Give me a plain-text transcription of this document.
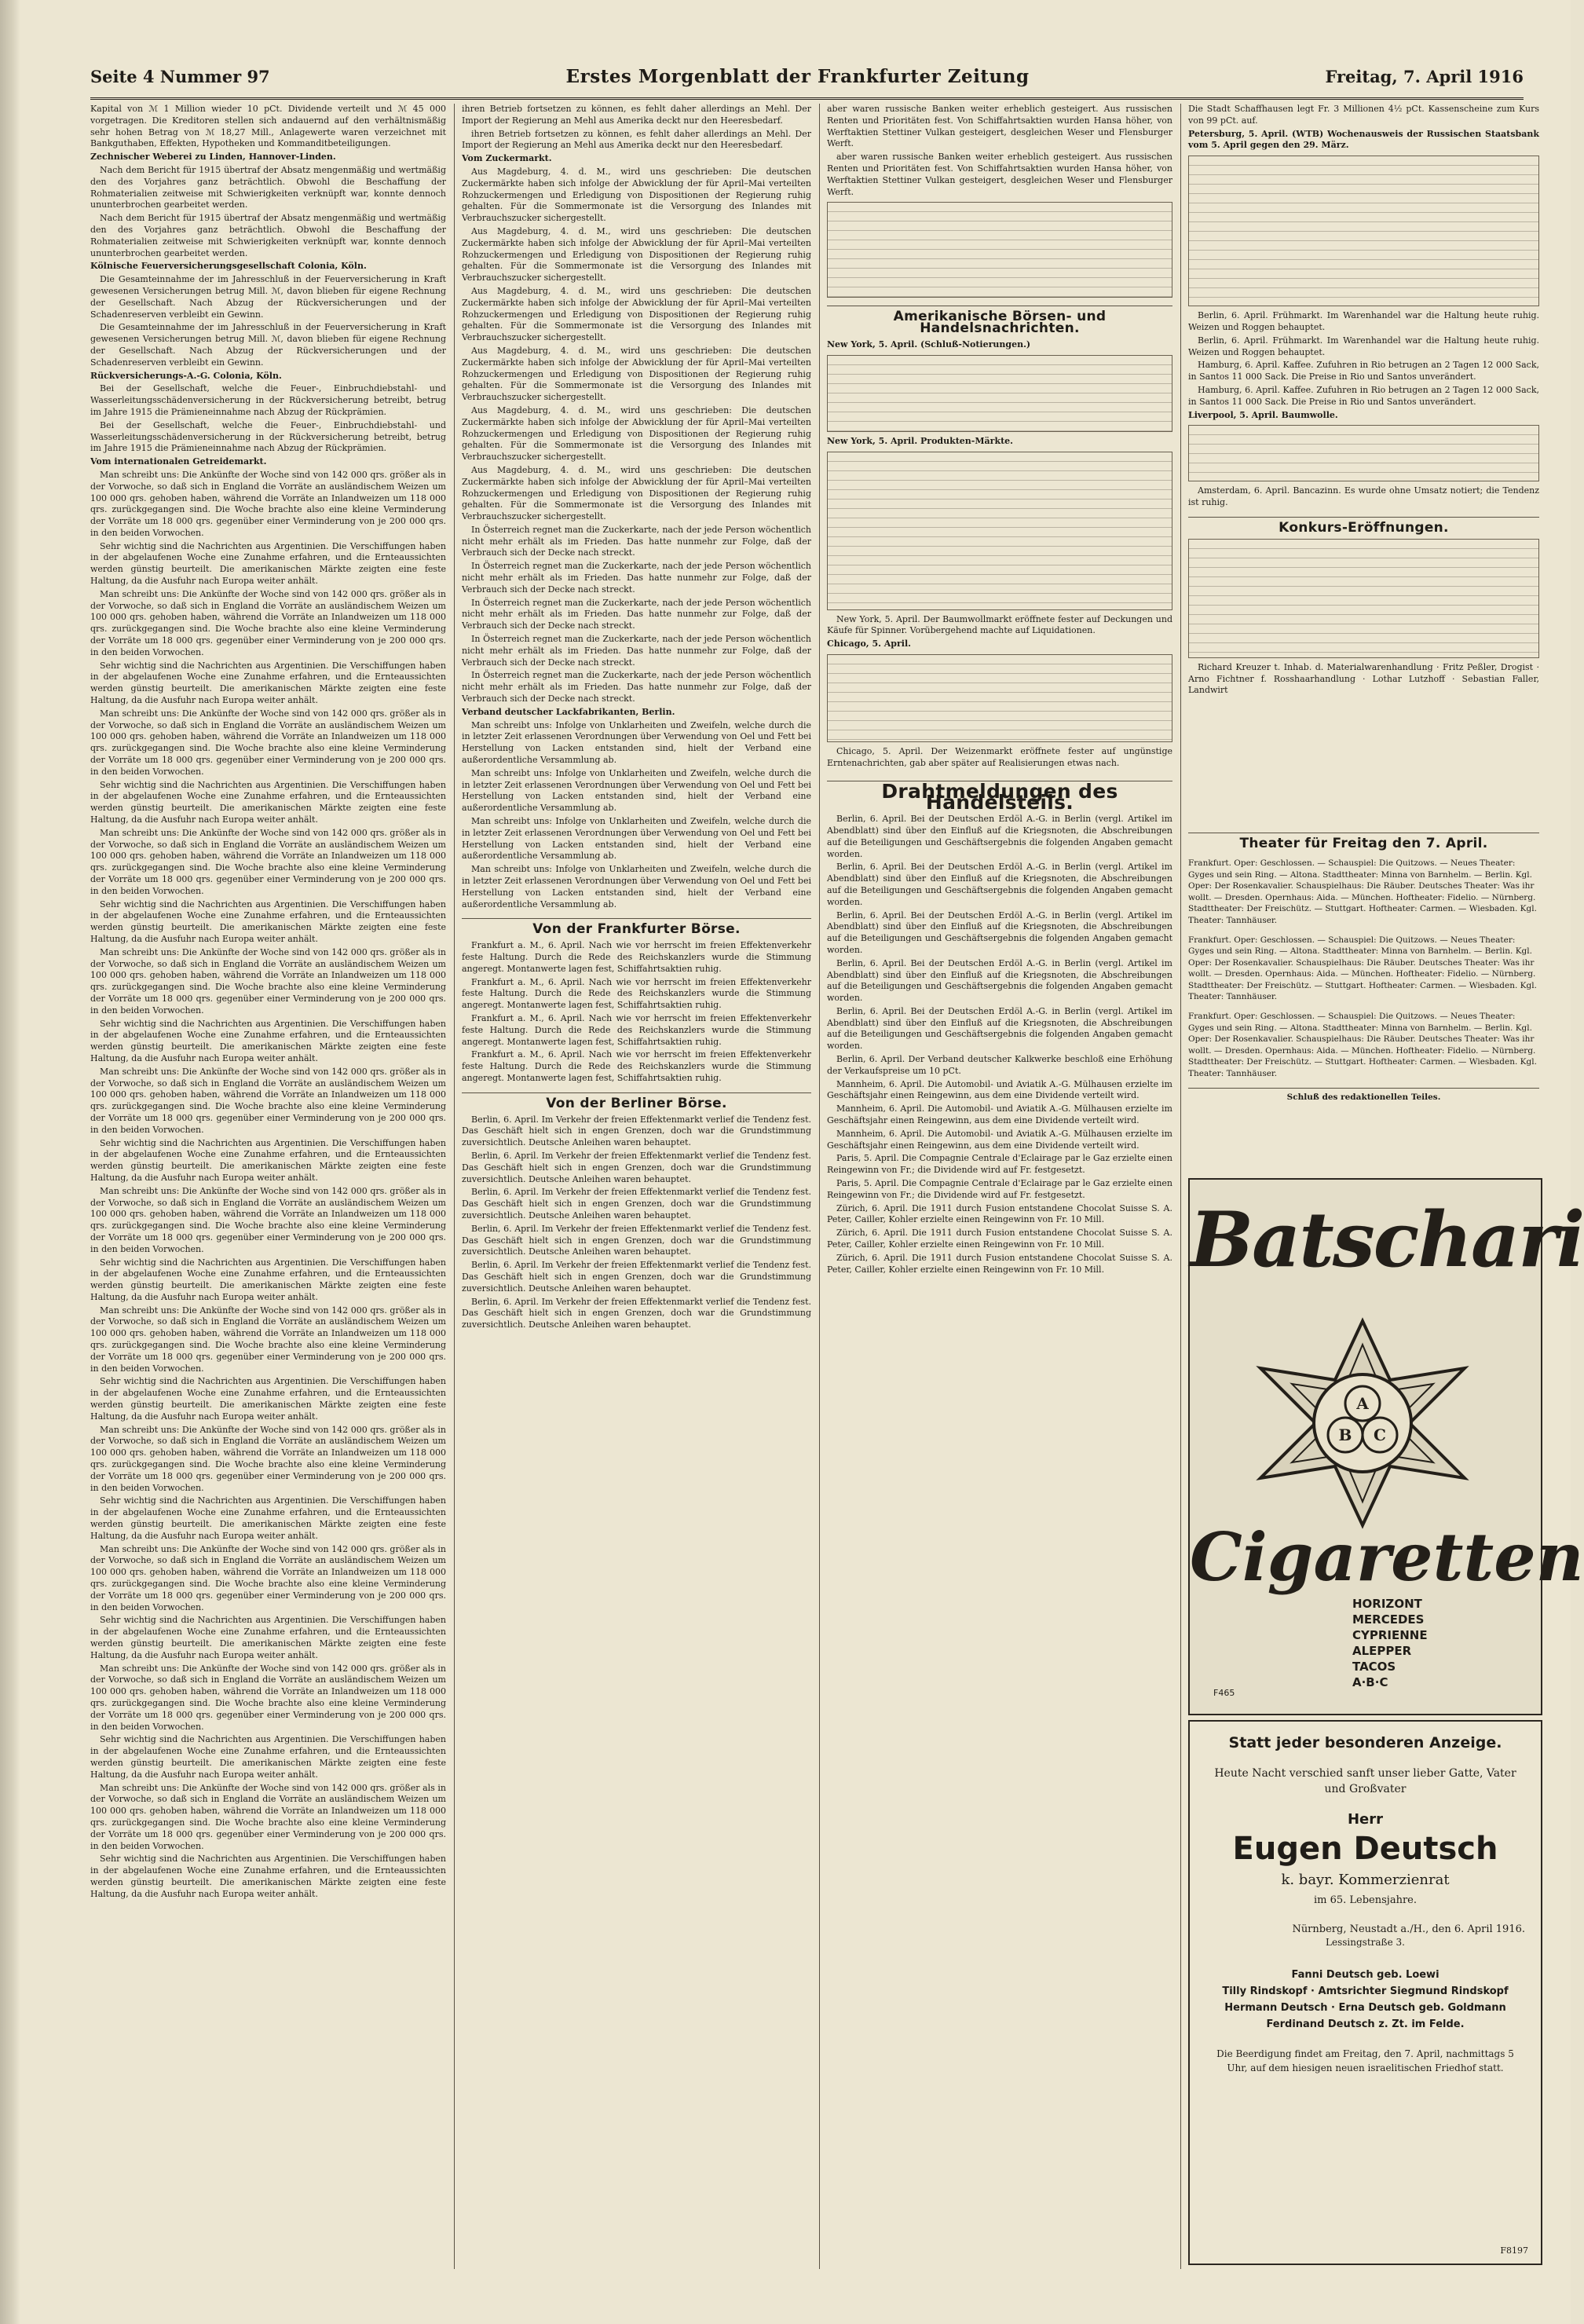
Seite 4 Nummer 97	Erstes Morgenblatt der Frankfurter Zeitung	Freitag, 7. April 1916

Kapital von ℳ 1 Million wieder 10 pCt. Dividende verteilt und ℳ 45 000 vorgetragen. Die Kreditoren stellen sich andauernd auf den verhältnismäßig sehr hohen Betrag von ℳ 18,27 Mill., Anlagewerte waren verzeichnet mit Bankguthaben, Effekten, Hypotheken und Kommanditbeteiligungen.

Zechnischer Weberei zu Linden, Hannover-Linden.

Nach dem Bericht für 1915 übertraf der Absatz mengenmäßig und wertmäßig den des Vorjahres ganz beträchtlich. Obwohl die Beschaffung der Rohmaterialien zeitweise mit Schwierigkeiten verknüpft war, konnte dennoch ununterbrochen gearbeitet werden.

Nach dem Bericht für 1915 übertraf der Absatz mengenmäßig und wertmäßig den des Vorjahres ganz beträchtlich. Obwohl die Beschaffung der Rohmaterialien zeitweise mit Schwierigkeiten verknüpft war, konnte dennoch ununterbrochen gearbeitet werden.

Kölnische Feuerversicherungsgesellschaft Colonia, Köln.

Die Gesamteinnahme der im Jahresschluß in der Feuerversicherung in Kraft gewesenen Versicherungen betrug Mill. ℳ, davon blieben für eigene Rechnung der Gesellschaft. Nach Abzug der Rückversicherungen und der Schadenreserven verbleibt ein Gewinn.

Die Gesamteinnahme der im Jahresschluß in der Feuerversicherung in Kraft gewesenen Versicherungen betrug Mill. ℳ, davon blieben für eigene Rechnung der Gesellschaft. Nach Abzug der Rückversicherungen und der Schadenreserven verbleibt ein Gewinn.

Rückversicherungs-A.-G. Colonia, Köln.

Bei der Gesellschaft, welche die Feuer-, Einbruchdiebstahl- und Wasserleitungsschädenversicherung in der Rückversicherung betreibt, betrug im Jahre 1915 die Prämieneinnahme nach Abzug der Rückprämien.

Bei der Gesellschaft, welche die Feuer-, Einbruchdiebstahl- und Wasserleitungsschädenversicherung in der Rückversicherung betreibt, betrug im Jahre 1915 die Prämieneinnahme nach Abzug der Rückprämien.

Vom internationalen Getreidemarkt.

Man schreibt uns: Die Ankünfte der Woche sind von 142 000 qrs. größer als in der Vorwoche, so daß sich in England die Vorräte an ausländischem Weizen um 100 000 qrs. gehoben haben, während die Vorräte an Inlandweizen um 118 000 qrs. zurückgegangen sind. Die Woche brachte also eine kleine Verminderung der Vorräte um 18 000 qrs. gegenüber einer Verminderung von je 200 000 qrs. in den beiden Vorwochen.

Sehr wichtig sind die Nachrichten aus Argentinien. Die Verschiffungen haben in der abgelaufenen Woche eine Zunahme erfahren, und die Ernteaussichten werden günstig beurteilt. Die amerikanischen Märkte zeigten eine feste Haltung, da die Ausfuhr nach Europa weiter anhält.

Man schreibt uns: Die Ankünfte der Woche sind von 142 000 qrs. größer als in der Vorwoche, so daß sich in England die Vorräte an ausländischem Weizen um 100 000 qrs. gehoben haben, während die Vorräte an Inlandweizen um 118 000 qrs. zurückgegangen sind. Die Woche brachte also eine kleine Verminderung der Vorräte um 18 000 qrs. gegenüber einer Verminderung von je 200 000 qrs. in den beiden Vorwochen.

Sehr wichtig sind die Nachrichten aus Argentinien. Die Verschiffungen haben in der abgelaufenen Woche eine Zunahme erfahren, und die Ernteaussichten werden günstig beurteilt. Die amerikanischen Märkte zeigten eine feste Haltung, da die Ausfuhr nach Europa weiter anhält.

Man schreibt uns: Die Ankünfte der Woche sind von 142 000 qrs. größer als in der Vorwoche, so daß sich in England die Vorräte an ausländischem Weizen um 100 000 qrs. gehoben haben, während die Vorräte an Inlandweizen um 118 000 qrs. zurückgegangen sind. Die Woche brachte also eine kleine Verminderung der Vorräte um 18 000 qrs. gegenüber einer Verminderung von je 200 000 qrs. in den beiden Vorwochen.

Sehr wichtig sind die Nachrichten aus Argentinien. Die Verschiffungen haben in der abgelaufenen Woche eine Zunahme erfahren, und die Ernteaussichten werden günstig beurteilt. Die amerikanischen Märkte zeigten eine feste Haltung, da die Ausfuhr nach Europa weiter anhält.

Man schreibt uns: Die Ankünfte der Woche sind von 142 000 qrs. größer als in der Vorwoche, so daß sich in England die Vorräte an ausländischem Weizen um 100 000 qrs. gehoben haben, während die Vorräte an Inlandweizen um 118 000 qrs. zurückgegangen sind. Die Woche brachte also eine kleine Verminderung der Vorräte um 18 000 qrs. gegenüber einer Verminderung von je 200 000 qrs. in den beiden Vorwochen.

Sehr wichtig sind die Nachrichten aus Argentinien. Die Verschiffungen haben in der abgelaufenen Woche eine Zunahme erfahren, und die Ernteaussichten werden günstig beurteilt. Die amerikanischen Märkte zeigten eine feste Haltung, da die Ausfuhr nach Europa weiter anhält.

Man schreibt uns: Die Ankünfte der Woche sind von 142 000 qrs. größer als in der Vorwoche, so daß sich in England die Vorräte an ausländischem Weizen um 100 000 qrs. gehoben haben, während die Vorräte an Inlandweizen um 118 000 qrs. zurückgegangen sind. Die Woche brachte also eine kleine Verminderung der Vorräte um 18 000 qrs. gegenüber einer Verminderung von je 200 000 qrs. in den beiden Vorwochen.

Sehr wichtig sind die Nachrichten aus Argentinien. Die Verschiffungen haben in der abgelaufenen Woche eine Zunahme erfahren, und die Ernteaussichten werden günstig beurteilt. Die amerikanischen Märkte zeigten eine feste Haltung, da die Ausfuhr nach Europa weiter anhält.

Man schreibt uns: Die Ankünfte der Woche sind von 142 000 qrs. größer als in der Vorwoche, so daß sich in England die Vorräte an ausländischem Weizen um 100 000 qrs. gehoben haben, während die Vorräte an Inlandweizen um 118 000 qrs. zurückgegangen sind. Die Woche brachte also eine kleine Verminderung der Vorräte um 18 000 qrs. gegenüber einer Verminderung von je 200 000 qrs. in den beiden Vorwochen.

Sehr wichtig sind die Nachrichten aus Argentinien. Die Verschiffungen haben in der abgelaufenen Woche eine Zunahme erfahren, und die Ernteaussichten werden günstig beurteilt. Die amerikanischen Märkte zeigten eine feste Haltung, da die Ausfuhr nach Europa weiter anhält.

Man schreibt uns: Die Ankünfte der Woche sind von 142 000 qrs. größer als in der Vorwoche, so daß sich in England die Vorräte an ausländischem Weizen um 100 000 qrs. gehoben haben, während die Vorräte an Inlandweizen um 118 000 qrs. zurückgegangen sind. Die Woche brachte also eine kleine Verminderung der Vorräte um 18 000 qrs. gegenüber einer Verminderung von je 200 000 qrs. in den beiden Vorwochen.

Sehr wichtig sind die Nachrichten aus Argentinien. Die Verschiffungen haben in der abgelaufenen Woche eine Zunahme erfahren, und die Ernteaussichten werden günstig beurteilt. Die amerikanischen Märkte zeigten eine feste Haltung, da die Ausfuhr nach Europa weiter anhält.

Man schreibt uns: Die Ankünfte der Woche sind von 142 000 qrs. größer als in der Vorwoche, so daß sich in England die Vorräte an ausländischem Weizen um 100 000 qrs. gehoben haben, während die Vorräte an Inlandweizen um 118 000 qrs. zurückgegangen sind. Die Woche brachte also eine kleine Verminderung der Vorräte um 18 000 qrs. gegenüber einer Verminderung von je 200 000 qrs. in den beiden Vorwochen.

Sehr wichtig sind die Nachrichten aus Argentinien. Die Verschiffungen haben in der abgelaufenen Woche eine Zunahme erfahren, und die Ernteaussichten werden günstig beurteilt. Die amerikanischen Märkte zeigten eine feste Haltung, da die Ausfuhr nach Europa weiter anhält.

Man schreibt uns: Die Ankünfte der Woche sind von 142 000 qrs. größer als in der Vorwoche, so daß sich in England die Vorräte an ausländischem Weizen um 100 000 qrs. gehoben haben, während die Vorräte an Inlandweizen um 118 000 qrs. zurückgegangen sind. Die Woche brachte also eine kleine Verminderung der Vorräte um 18 000 qrs. gegenüber einer Verminderung von je 200 000 qrs. in den beiden Vorwochen.

Sehr wichtig sind die Nachrichten aus Argentinien. Die Verschiffungen haben in der abgelaufenen Woche eine Zunahme erfahren, und die Ernteaussichten werden günstig beurteilt. Die amerikanischen Märkte zeigten eine feste Haltung, da die Ausfuhr nach Europa weiter anhält.

Man schreibt uns: Die Ankünfte der Woche sind von 142 000 qrs. größer als in der Vorwoche, so daß sich in England die Vorräte an ausländischem Weizen um 100 000 qrs. gehoben haben, während die Vorräte an Inlandweizen um 118 000 qrs. zurückgegangen sind. Die Woche brachte also eine kleine Verminderung der Vorräte um 18 000 qrs. gegenüber einer Verminderung von je 200 000 qrs. in den beiden Vorwochen.

Sehr wichtig sind die Nachrichten aus Argentinien. Die Verschiffungen haben in der abgelaufenen Woche eine Zunahme erfahren, und die Ernteaussichten werden günstig beurteilt. Die amerikanischen Märkte zeigten eine feste Haltung, da die Ausfuhr nach Europa weiter anhält.

Man schreibt uns: Die Ankünfte der Woche sind von 142 000 qrs. größer als in der Vorwoche, so daß sich in England die Vorräte an ausländischem Weizen um 100 000 qrs. gehoben haben, während die Vorräte an Inlandweizen um 118 000 qrs. zurückgegangen sind. Die Woche brachte also eine kleine Verminderung der Vorräte um 18 000 qrs. gegenüber einer Verminderung von je 200 000 qrs. in den beiden Vorwochen.

Sehr wichtig sind die Nachrichten aus Argentinien. Die Verschiffungen haben in der abgelaufenen Woche eine Zunahme erfahren, und die Ernteaussichten werden günstig beurteilt. Die amerikanischen Märkte zeigten eine feste Haltung, da die Ausfuhr nach Europa weiter anhält.

Man schreibt uns: Die Ankünfte der Woche sind von 142 000 qrs. größer als in der Vorwoche, so daß sich in England die Vorräte an ausländischem Weizen um 100 000 qrs. gehoben haben, während die Vorräte an Inlandweizen um 118 000 qrs. zurückgegangen sind. Die Woche brachte also eine kleine Verminderung der Vorräte um 18 000 qrs. gegenüber einer Verminderung von je 200 000 qrs. in den beiden Vorwochen.

Sehr wichtig sind die Nachrichten aus Argentinien. Die Verschiffungen haben in der abgelaufenen Woche eine Zunahme erfahren, und die Ernteaussichten werden günstig beurteilt. Die amerikanischen Märkte zeigten eine feste Haltung, da die Ausfuhr nach Europa weiter anhält.

ihren Betrieb fortsetzen zu können, es fehlt daher allerdings an Mehl. Der Import der Regierung an Mehl aus Amerika deckt nur den Heeresbedarf.

ihren Betrieb fortsetzen zu können, es fehlt daher allerdings an Mehl. Der Import der Regierung an Mehl aus Amerika deckt nur den Heeresbedarf.

Vom Zuckermarkt.

Aus Magdeburg, 4. d. M., wird uns geschrieben: Die deutschen Zuckermärkte haben sich infolge der Abwicklung der für April–Mai verteilten Rohzuckermengen und Erledigung von Dispositionen der Regierung ruhig gehalten. Für die Sommermonate ist die Versorgung des Inlandes mit Verbrauchszucker sichergestellt.

Aus Magdeburg, 4. d. M., wird uns geschrieben: Die deutschen Zuckermärkte haben sich infolge der Abwicklung der für April–Mai verteilten Rohzuckermengen und Erledigung von Dispositionen der Regierung ruhig gehalten. Für die Sommermonate ist die Versorgung des Inlandes mit Verbrauchszucker sichergestellt.

Aus Magdeburg, 4. d. M., wird uns geschrieben: Die deutschen Zuckermärkte haben sich infolge der Abwicklung der für April–Mai verteilten Rohzuckermengen und Erledigung von Dispositionen der Regierung ruhig gehalten. Für die Sommermonate ist die Versorgung des Inlandes mit Verbrauchszucker sichergestellt.

Aus Magdeburg, 4. d. M., wird uns geschrieben: Die deutschen Zuckermärkte haben sich infolge der Abwicklung der für April–Mai verteilten Rohzuckermengen und Erledigung von Dispositionen der Regierung ruhig gehalten. Für die Sommermonate ist die Versorgung des Inlandes mit Verbrauchszucker sichergestellt.

Aus Magdeburg, 4. d. M., wird uns geschrieben: Die deutschen Zuckermärkte haben sich infolge der Abwicklung der für April–Mai verteilten Rohzuckermengen und Erledigung von Dispositionen der Regierung ruhig gehalten. Für die Sommermonate ist die Versorgung des Inlandes mit Verbrauchszucker sichergestellt.

Aus Magdeburg, 4. d. M., wird uns geschrieben: Die deutschen Zuckermärkte haben sich infolge der Abwicklung der für April–Mai verteilten Rohzuckermengen und Erledigung von Dispositionen der Regierung ruhig gehalten. Für die Sommermonate ist die Versorgung des Inlandes mit Verbrauchszucker sichergestellt.

In Österreich regnet man die Zuckerkarte, nach der jede Person wöchentlich nicht mehr erhält als im Frieden. Das hatte nunmehr zur Folge, daß der Verbrauch sich der Decke nach streckt.

In Österreich regnet man die Zuckerkarte, nach der jede Person wöchentlich nicht mehr erhält als im Frieden. Das hatte nunmehr zur Folge, daß der Verbrauch sich der Decke nach streckt.

In Österreich regnet man die Zuckerkarte, nach der jede Person wöchentlich nicht mehr erhält als im Frieden. Das hatte nunmehr zur Folge, daß der Verbrauch sich der Decke nach streckt.

In Österreich regnet man die Zuckerkarte, nach der jede Person wöchentlich nicht mehr erhält als im Frieden. Das hatte nunmehr zur Folge, daß der Verbrauch sich der Decke nach streckt.

In Österreich regnet man die Zuckerkarte, nach der jede Person wöchentlich nicht mehr erhält als im Frieden. Das hatte nunmehr zur Folge, daß der Verbrauch sich der Decke nach streckt.

Verband deutscher Lackfabrikanten, Berlin.

Man schreibt uns: Infolge von Unklarheiten und Zweifeln, welche durch die in letzter Zeit erlassenen Verordnungen über Verwendung von Oel und Fett bei Herstellung von Lacken entstanden sind, hielt der Verband eine außerordentliche Versammlung ab.

Man schreibt uns: Infolge von Unklarheiten und Zweifeln, welche durch die in letzter Zeit erlassenen Verordnungen über Verwendung von Oel und Fett bei Herstellung von Lacken entstanden sind, hielt der Verband eine außerordentliche Versammlung ab.

Man schreibt uns: Infolge von Unklarheiten und Zweifeln, welche durch die in letzter Zeit erlassenen Verordnungen über Verwendung von Oel und Fett bei Herstellung von Lacken entstanden sind, hielt der Verband eine außerordentliche Versammlung ab.

Man schreibt uns: Infolge von Unklarheiten und Zweifeln, welche durch die in letzter Zeit erlassenen Verordnungen über Verwendung von Oel und Fett bei Herstellung von Lacken entstanden sind, hielt der Verband eine außerordentliche Versammlung ab.

Von der Frankfurter Börse.

Frankfurt a. M., 6. April. Nach wie vor herrscht im freien Effektenverkehr feste Haltung. Durch die Rede des Reichskanzlers wurde die Stimmung angeregt. Montanwerte lagen fest, Schiffahrtsaktien ruhig.

Frankfurt a. M., 6. April. Nach wie vor herrscht im freien Effektenverkehr feste Haltung. Durch die Rede des Reichskanzlers wurde die Stimmung angeregt. Montanwerte lagen fest, Schiffahrtsaktien ruhig.

Frankfurt a. M., 6. April. Nach wie vor herrscht im freien Effektenverkehr feste Haltung. Durch die Rede des Reichskanzlers wurde die Stimmung angeregt. Montanwerte lagen fest, Schiffahrtsaktien ruhig.

Frankfurt a. M., 6. April. Nach wie vor herrscht im freien Effektenverkehr feste Haltung. Durch die Rede des Reichskanzlers wurde die Stimmung angeregt. Montanwerte lagen fest, Schiffahrtsaktien ruhig.

Von der Berliner Börse.

Berlin, 6. April. Im Verkehr der freien Effektenmarkt verlief die Tendenz fest. Das Geschäft hielt sich in engen Grenzen, doch war die Grundstimmung zuversichtlich. Deutsche Anleihen waren behauptet.

Berlin, 6. April. Im Verkehr der freien Effektenmarkt verlief die Tendenz fest. Das Geschäft hielt sich in engen Grenzen, doch war die Grundstimmung zuversichtlich. Deutsche Anleihen waren behauptet.

Berlin, 6. April. Im Verkehr der freien Effektenmarkt verlief die Tendenz fest. Das Geschäft hielt sich in engen Grenzen, doch war die Grundstimmung zuversichtlich. Deutsche Anleihen waren behauptet.

Berlin, 6. April. Im Verkehr der freien Effektenmarkt verlief die Tendenz fest. Das Geschäft hielt sich in engen Grenzen, doch war die Grundstimmung zuversichtlich. Deutsche Anleihen waren behauptet.

Berlin, 6. April. Im Verkehr der freien Effektenmarkt verlief die Tendenz fest. Das Geschäft hielt sich in engen Grenzen, doch war die Grundstimmung zuversichtlich. Deutsche Anleihen waren behauptet.

Berlin, 6. April. Im Verkehr der freien Effektenmarkt verlief die Tendenz fest. Das Geschäft hielt sich in engen Grenzen, doch war die Grundstimmung zuversichtlich. Deutsche Anleihen waren behauptet.

aber waren russische Banken weiter erheblich gesteigert. Aus russischen Renten und Prioritäten fest. Von Schiffahrtsaktien wurden Hansa höher, von Werftaktien Stettiner Vulkan gesteigert, desgleichen Weser und Flensburger Werft.

aber waren russische Banken weiter erheblich gesteigert. Aus russischen Renten und Prioritäten fest. Von Schiffahrtsaktien wurden Hansa höher, von Werftaktien Stettiner Vulkan gesteigert, desgleichen Weser und Flensburger Werft.

Amerikanische Börsen- und Handelsnachrichten.

New York, 5. April. (Schluß-Notierungen.)

New York, 5. April. Produkten-Märkte.

New York, 5. April. Der Baumwollmarkt eröffnete fester auf Deckungen und Käufe für Spinner. Vorübergehend machte auf Liquidationen.

Chicago, 5. April.

Chicago, 5. April. Der Weizenmarkt eröffnete fester auf ungünstige Erntenachrichten, gab aber später auf Realisierungen etwas nach.

Drahtmeldungen des Handelsteils.

Berlin, 6. April. Bei der Deutschen Erdöl A.-G. in Berlin (vergl. Artikel im Abendblatt) sind über den Einfluß auf die Kriegsnoten, die Abschreibungen auf die Beteiligungen und Geschäftsergebnis die folgenden Angaben gemacht worden.

Berlin, 6. April. Bei der Deutschen Erdöl A.-G. in Berlin (vergl. Artikel im Abendblatt) sind über den Einfluß auf die Kriegsnoten, die Abschreibungen auf die Beteiligungen und Geschäftsergebnis die folgenden Angaben gemacht worden.

Berlin, 6. April. Bei der Deutschen Erdöl A.-G. in Berlin (vergl. Artikel im Abendblatt) sind über den Einfluß auf die Kriegsnoten, die Abschreibungen auf die Beteiligungen und Geschäftsergebnis die folgenden Angaben gemacht worden.

Berlin, 6. April. Bei der Deutschen Erdöl A.-G. in Berlin (vergl. Artikel im Abendblatt) sind über den Einfluß auf die Kriegsnoten, die Abschreibungen auf die Beteiligungen und Geschäftsergebnis die folgenden Angaben gemacht worden.

Berlin, 6. April. Bei der Deutschen Erdöl A.-G. in Berlin (vergl. Artikel im Abendblatt) sind über den Einfluß auf die Kriegsnoten, die Abschreibungen auf die Beteiligungen und Geschäftsergebnis die folgenden Angaben gemacht worden.

Berlin, 6. April. Der Verband deutscher Kalkwerke beschloß eine Erhöhung der Verkaufspreise um 10 pCt.

Mannheim, 6. April. Die Automobil- und Aviatik A.-G. Mülhausen erzielte im Geschäftsjahr einen Reingewinn, aus dem eine Dividende verteilt wird.

Mannheim, 6. April. Die Automobil- und Aviatik A.-G. Mülhausen erzielte im Geschäftsjahr einen Reingewinn, aus dem eine Dividende verteilt wird.

Mannheim, 6. April. Die Automobil- und Aviatik A.-G. Mülhausen erzielte im Geschäftsjahr einen Reingewinn, aus dem eine Dividende verteilt wird.

Paris, 5. April. Die Compagnie Centrale d'Eclairage par le Gaz erzielte einen Reingewinn von Fr.; die Dividende wird auf Fr. festgesetzt.

Paris, 5. April. Die Compagnie Centrale d'Eclairage par le Gaz erzielte einen Reingewinn von Fr.; die Dividende wird auf Fr. festgesetzt.

Zürich, 6. April. Die 1911 durch Fusion entstandene Chocolat Suisse S. A. Peter, Cailler, Kohler erzielte einen Reingewinn von Fr. 10 Mill.

Zürich, 6. April. Die 1911 durch Fusion entstandene Chocolat Suisse S. A. Peter, Cailler, Kohler erzielte einen Reingewinn von Fr. 10 Mill.

Zürich, 6. April. Die 1911 durch Fusion entstandene Chocolat Suisse S. A. Peter, Cailler, Kohler erzielte einen Reingewinn von Fr. 10 Mill.

Die Stadt Schaffhausen legt Fr. 3 Millionen 4½ pCt. Kassenscheine zum Kurs von 99 pCt. auf.

Petersburg, 5. April. (WTB) Wochenausweis der Russischen Staatsbank vom 5. April gegen den 29. März.

Berlin, 6. April. Frühmarkt. Im Warenhandel war die Haltung heute ruhig. Weizen und Roggen behauptet.

Berlin, 6. April. Frühmarkt. Im Warenhandel war die Haltung heute ruhig. Weizen und Roggen behauptet.

Hamburg, 6. April. Kaffee. Zufuhren in Rio betrugen an 2 Tagen 12 000 Sack, in Santos 11 000 Sack. Die Preise in Rio und Santos unverändert.

Hamburg, 6. April. Kaffee. Zufuhren in Rio betrugen an 2 Tagen 12 000 Sack, in Santos 11 000 Sack. Die Preise in Rio und Santos unverändert.

Liverpool, 5. April. Baumwolle.

Amsterdam, 6. April. Bancazinn. Es wurde ohne Umsatz notiert; die Tendenz ist ruhig.

Konkurs-Eröffnungen.

Richard Kreuzer t. Inhab. d. Materialwarenhandlung · Fritz Peßler, Drogist · Arno Fichtner f. Rosshaarhandlung · Lothar Lutzhoff · Sebastian Faller, Landwirt

Theater für Freitag den 7. April.

Frankfurt. Oper: Geschlossen. — Schauspiel: Die Quitzows. — Neues Theater: Gyges und sein Ring. — Altona. Stadttheater: Minna von Barnhelm. — Berlin. Kgl. Oper: Der Rosenkavalier. Schauspielhaus: Die Räuber. Deutsches Theater: Was ihr wollt. — Dresden. Opernhaus: Aida. — München. Hoftheater: Fidelio. — Nürnberg. Stadttheater: Der Freischütz. — Stuttgart. Hoftheater: Carmen. — Wiesbaden. Kgl. Theater: Tannhäuser.

Frankfurt. Oper: Geschlossen. — Schauspiel: Die Quitzows. — Neues Theater: Gyges und sein Ring. — Altona. Stadttheater: Minna von Barnhelm. — Berlin. Kgl. Oper: Der Rosenkavalier. Schauspielhaus: Die Räuber. Deutsches Theater: Was ihr wollt. — Dresden. Opernhaus: Aida. — München. Hoftheater: Fidelio. — Nürnberg. Stadttheater: Der Freischütz. — Stuttgart. Hoftheater: Carmen. — Wiesbaden. Kgl. Theater: Tannhäuser.

Frankfurt. Oper: Geschlossen. — Schauspiel: Die Quitzows. — Neues Theater: Gyges und sein Ring. — Altona. Stadttheater: Minna von Barnhelm. — Berlin. Kgl. Oper: Der Rosenkavalier. Schauspielhaus: Die Räuber. Deutsches Theater: Was ihr wollt. — Dresden. Opernhaus: Aida. — München. Hoftheater: Fidelio. — Nürnberg. Stadttheater: Der Freischütz. — Stuttgart. Hoftheater: Carmen. — Wiesbaden. Kgl. Theater: Tannhäuser.

Schluß des redaktionellen Teiles.

Batschari
A
B C
Cigaretten
HORIZONT
MERCEDES
CYPRIENNE
ALEPPER
TACOS
A·B·C
F465
Statt jeder besonderen Anzeige.
Heute Nacht verschied sanft unser lieber Gatte, Vater und Großvater
Herr
Eugen Deutsch
k. bayr. Kommerzienrat
im 65. Lebensjahre.
Nürnberg, Neustadt a./H., den 6. April 1916.
Lessingstraße 3.
Fanni Deutsch geb. Loewi
Tilly Rindskopf · Amtsrichter Siegmund Rindskopf
Hermann Deutsch · Erna Deutsch geb. Goldmann
Ferdinand Deutsch z. Zt. im Felde.
Die Beerdigung findet am Freitag, den 7. April, nachmittags 5 Uhr, auf dem hiesigen neuen israelitischen Friedhof statt.
F8197
